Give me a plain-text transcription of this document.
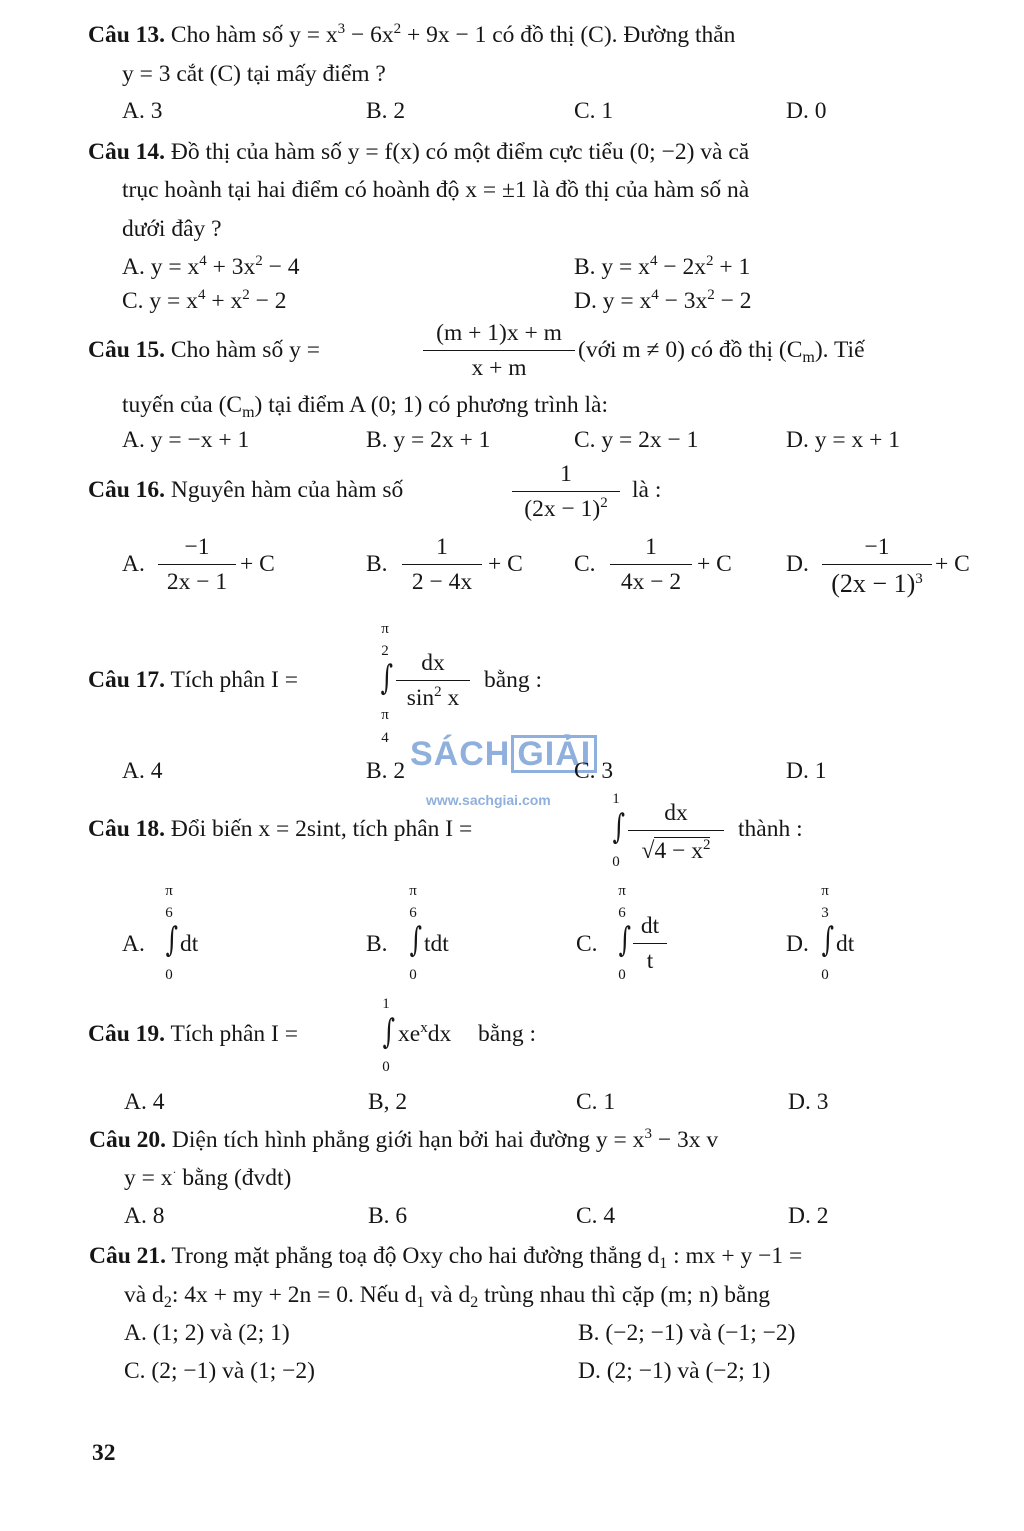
Câu 13. Cho hàm số $y = x^3 - 6x^2 + 9x - 1$ có đồ thị (C). Đường thẳn
y = 3 cắt (C) tại mấy điểm ?
A. 3	B. 2	C. 1	D. 0
Câu 14. Đồ thị của hàm số y = f(x) có một điểm cực tiểu (0; −2) và că
trục hoành tại hai điểm có hoành độ x = ±1 là đồ thị của hàm số nà
dưới đây ?
A. $y = x^4 + 3x^2 - 4$	B. $y = x^4 - 2x^2 + 1$
C. $y = x^4 + x^2 - 2$	D. $y = x^4 - 3x^2 - 2$
Câu 15. Cho hàm số y =	$\frac{(m + 1)x + m}{x + m}$ (với m ≠ 0) có đồ thị $(C_m)$. Tiế
tuyến của $(C_m)$ tại điểm A (0; 1) có phương trình là:
A. y = −x + 1	B. y = 2x + 1	C. y = 2x − 1	D. y = x + 1
Câu 16. Nguyên hàm của hàm số	$\frac{1}{(2x - 1)^2}$ là :
A. $\frac{-1}{2x - 1} + C$	B. $\frac{1}{2 - 4x} + C$ C. $\frac{1}{4x - 2} + C$ D. $\frac{-1}{(2x - 1)^3} + C$
Câu 17. Tích phân I =
π
2
∫
π
4
$\frac{dx}{\sin^2 x}$ bằng :
SÁCH GIẢI
www.sachgiai.com
A. 4	B. 2	C. 3	D. 1
Câu 18. Đổi biến x = 2sint, tích phân I =
1
∫
$0 \frac{dx}{√4 - x^2}$ thành :
A.
π
6
∫
0
dt	B.
π
6
∫
0
tdt	C.
π
6
∫
0
$\frac{dt}{t}$	D.
π
3
∫
0
dt
Câu 19. Tích phân I =
1
∫
0
$xe^xdx$ bằng :
A. 4	B, 2	C. 1	D. 3
Câu 20. Diện tích hình phẳng giới hạn bởi hai đường $y = x^3 - 3x$ v
y = x· bằng (đvdt)
A. 8	B. 6	C. 4	D. 2
Câu 21. Trong mặt phẳng toạ độ Oxy cho hai đường thẳng $d_1$ : mx + y −1 =
và $d_2$: 4x + my + 2n = 0. Nếu $d_1$ và $d_2$ trùng nhau thì cặp (m; n) bằng
A. (1; 2) và (2; 1)	B. (−2; −1) và (−1; −2)
C. (2; −1) và (1; −2)	D. (2; −1) và (−2; 1)
32
